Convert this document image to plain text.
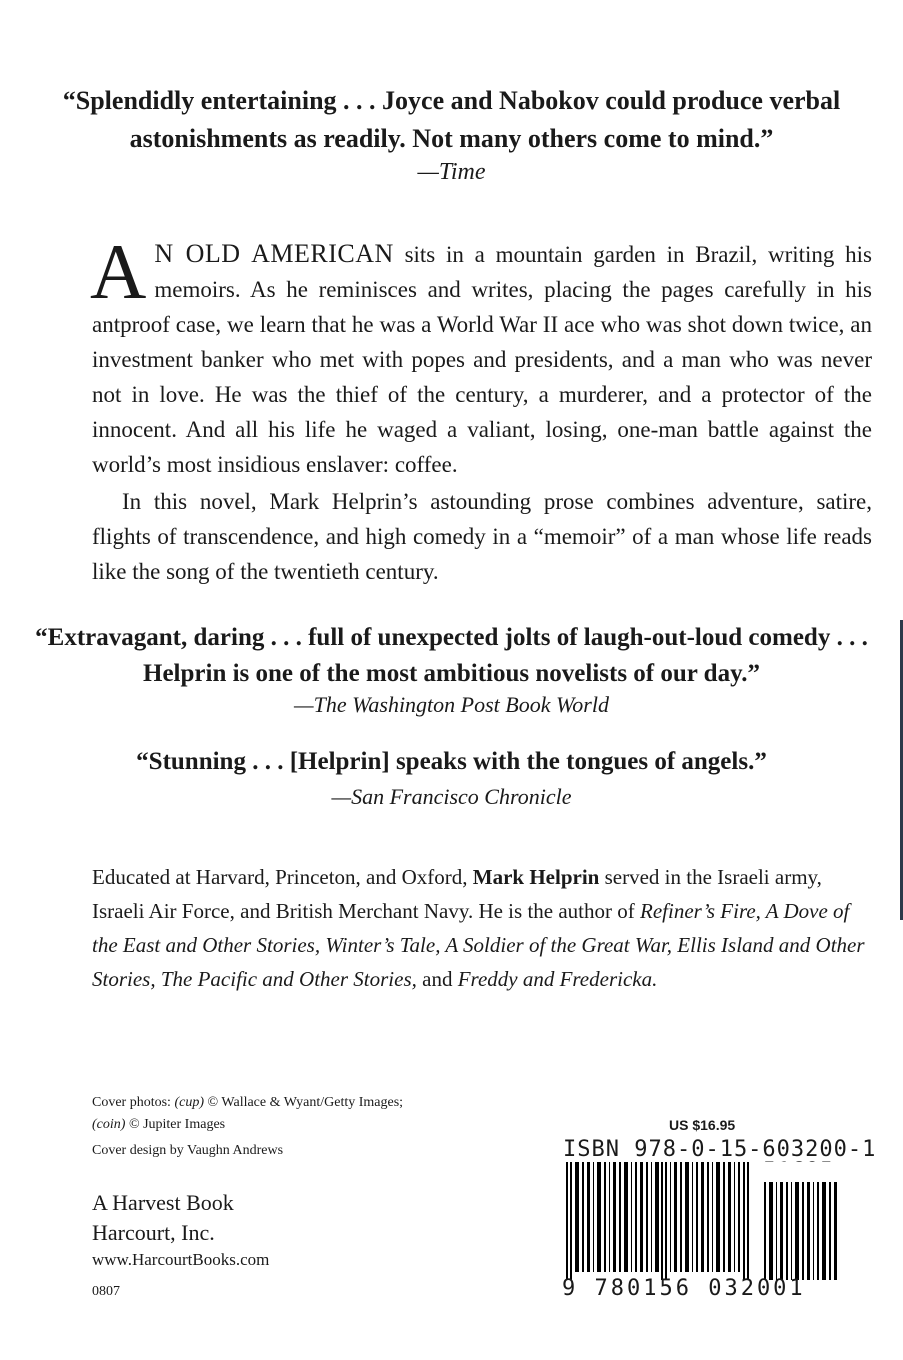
“Splendidly entertaining . . . Joyce and Nabokov could produce verbal astonishments as readily. Not many others come to mind.”
—Time
A N OLD AMERICAN sits in a mountain garden in Brazil, writing his memoirs. As he reminisces and writes, placing the pages carefully in his antproof case, we learn that he was a World War II ace who was shot down twice, an investment banker who met with popes and presidents, and a man who was never not in love. He was the thief of the century, a murderer, and a protector of the innocent. And all his life he waged a valiant, losing, one-man battle against the world’s most insidious enslaver: coffee.
In this novel, Mark Helprin’s astounding prose combines adventure, satire, flights of transcendence, and high comedy in a “memoir” of a man whose life reads like the song of the twentieth century.
“Extravagant, daring . . . full of unexpected jolts of laugh-out-loud comedy . . . Helprin is one of the most ambitious novelists of our day.”
—The Washington Post Book World
“Stunning . . . [Helprin] speaks with the tongues of angels.”
—San Francisco Chronicle
Educated at Harvard, Princeton, and Oxford, Mark Helprin served in the Israeli army, Israeli Air Force, and British Merchant Navy. He is the author of Refiner’s Fire, A Dove of the East and Other Stories, Winter’s Tale, A Soldier of the Great War, Ellis Island and Other Stories, The Pacific and Other Stories, and Freddy and Fredericka.
Cover photos: (cup) © Wallace & Wyant/Getty Images;
(coin) © Jupiter Images
Cover design by Vaughn Andrews
A Harvest Book
Harcourt, Inc.
www.HarcourtBooks.com
0807
US $16.95
ISBN 978-0-15-603200-1
9 780156 032001
